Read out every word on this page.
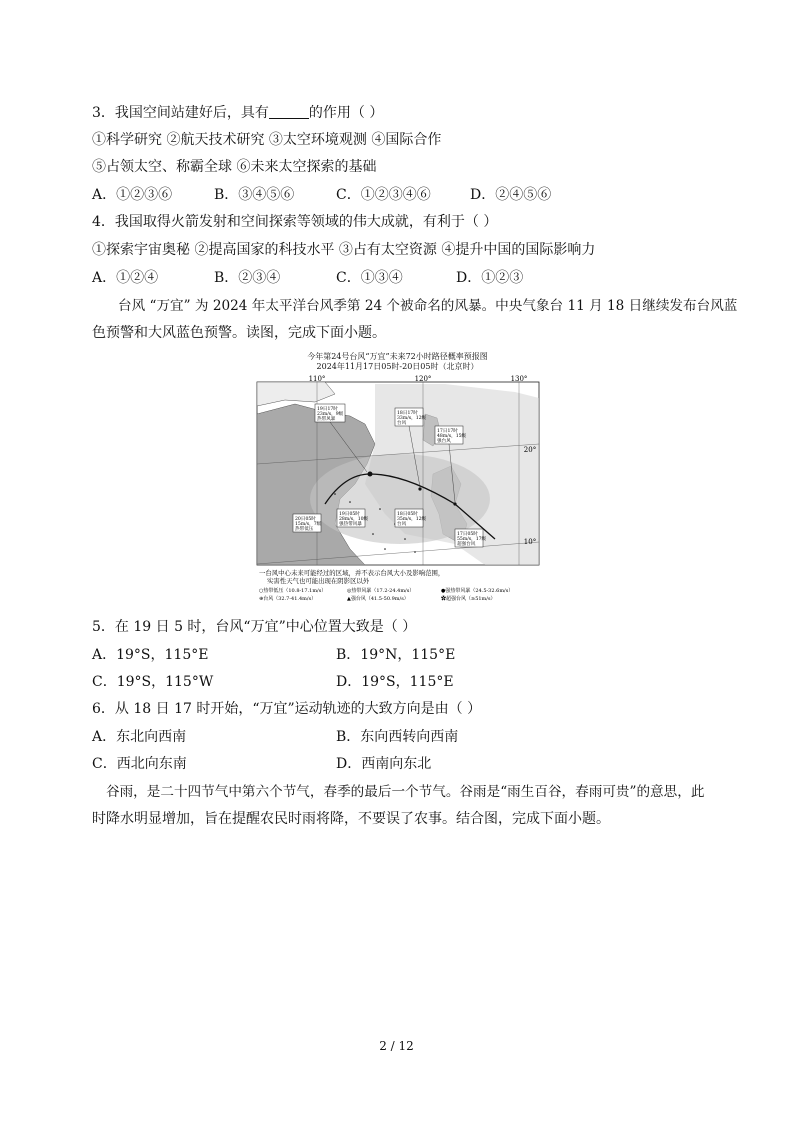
3．我国空间站建好后，具有	的作用（ ）
①科学研究 ②航天技术研究 ③太空环境观测 ④国际合作
⑤占领太空、称霸全球 ⑥未来太空探索的基础
A．①②③⑥	B．③④⑤⑥	C．①②③④⑥	D．②④⑤⑥
4．我国取得火箭发射和空间探索等领域的伟大成就，有利于（ ）
①探索宇宙奥秘 ②提高国家的科技水平 ③占有太空资源 ④提升中国的国际影响力
A．①②④	B．②③④	C．①③④	D．①②③
台风 “万宜” 为 2024 年太平洋台风季第 24 个被命名的风暴。中央气象台 11 月 18 日继续发布台风蓝
色预警和大风蓝色预警。读图，完成下面小题。
今年第24号台风“万宜”未来72小时路径概率预报图
2024年11月17日05时-20日05时（北京时）
110°	120°	130°
20°
10°
19日17时
23m/s，9级
热带风暴
18日17时
33m/s，12级
台风
17日17时
48m/s，15级
强台风
20日05时
15m/s，7级
热带低压
19日05时
28m/s，10级
强热带风暴
18日05时
35m/s，12级
台风
17日05时
55m/s，17级
超强台风
一台风中心未来可能经过的区域，并不表示台风大小及影响范围，
实害性天气也可能出现在阴影区以外
○热带低压（10.8-17.1m/s）	◎热带风暴（17.2-24.4m/s）	●强热带风暴（24.5-32.6m/s）
⊕台风（32.7-41.4m/s）	▲强台风（41.5-50.9m/s）	✿超强台风（≥51m/s）
5．在 19 日 5 时，台风“万宜”中心位置大致是（ ）
A．19°S，115°E	B．19°N，115°E
C．19°S，115°W	D．19°S，115°E
6．从 18 日 17 时开始，“万宜”运动轨迹的大致方向是由（ ）
A．东北向西南	B．东向西转向西南
C．西北向东南	D．西南向东北
谷雨，是二十四节气中第六个节气，春季的最后一个节气。谷雨是“雨生百谷，春雨可贵”的意思，此
时降水明显增加，旨在提醒农民时雨将降，不要误了农事。结合图，完成下面小题。
2 / 12
